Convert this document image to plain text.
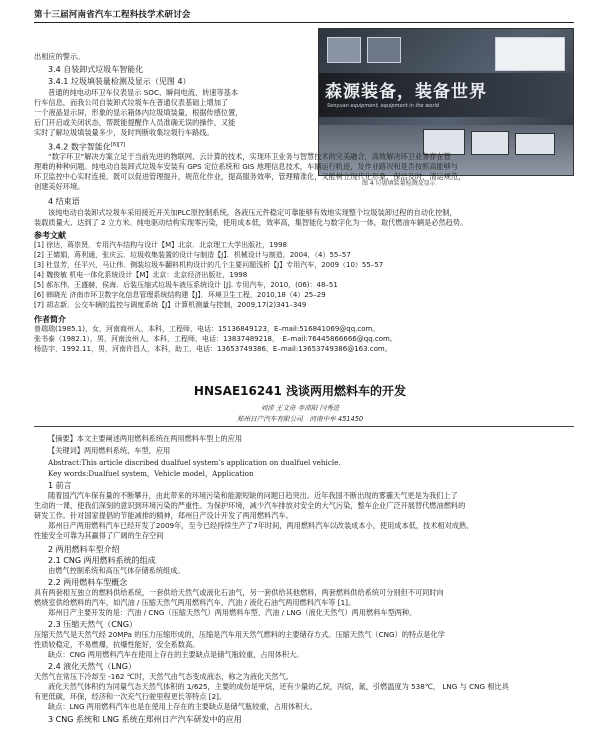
第十三届河南省汽车工程科技学术研讨会
出相应的警示。
3.4 自装卸式垃圾车智能化
3.4.1 垃圾填装量检测及显示（见图 4）
普通的纯电动环卫车仪表显示 SOC、瞬间电流、转速等基本
行车信息，而我公司自装卸式垃圾车在普通仪表基础上增加了
一个液晶显示屏，形象的显示箱体内垃圾填装量，根据传感位置，
后门开启或关闭状态，帮既能提醒作人员准确无误的操作，又能
实时了解垃圾填装量多少，及时判断收集垃圾行车路线。
3.4.2 数字智能化[6][7]
森源装备，装备世界
Senyuan equipment, equipment in the world
图 4 垃圾填装量检测及显示
“数字环卫”解决方案立足于当前先进的物联网、云计算的技术，实现环卫业务与智慧技术的完美融合，高效解决环卫业务存在管
理难的种种问题。纯电动自装卸式垃圾车安装有 GPS 定位系统和 GIS 地理信息技术，车辆运行轨迹，及作业路况和是否按照高能够与
环卫监控中心实时连接。既可以促进管理提升，规范化作业，提高服务效率，管理精准化，又能树立现代化形象，保洁及时，清运规范，
创建美好环境。
4 结束语
该纯电动自装卸式垃圾车采用接近开关加PLC原控制系统，各液压元件稳定可靠能够有效地实现整个垃圾装卸过程的自动化控制，
装载质量大、达到了 2 立方米。纯电驱动结构实现零污染，使用成本低，效率高，集智能化与数字化为一体，取代燃油车辆是必然趋势。
参考文献
[1] 徐达，蒋崇贤．专用汽车结构与设计【M】北京．北京理工大学出版社，1998
[2] 王婧娟，蒋利通，张庆云．垃圾收集装置的设计与制造【J】．机械设计与制造，2004，（4）55–57
[3] 杜显芳，任平兴，马让伟．侧装垃圾车翻料机构设计的几个主要问题浅析【J】专用汽车，2009（10）55–57
[4] 魏俊敏 机电一体化系统设计【M】北京：北京经济出版社，1998
[5] 郝东伟，王盛赫，侯海．后装压缩式垃圾车液压系统设计 [J]. 专用汽车，2010，(06)：48–51
[6] 韩晓光 济南市环卫数字化信息管理系统结构建【J】．环境卫生工程，2010,18（4）25–29
[7] 胡志新．公交车辆的监控与调度系统【J】计算机测量与控制，2009,17(2)341–349
作者简介
曾瑞瑞(1985.1)，女，河南商州人，本科，工程师，电话：15136849123，E–mail:516841069@qq.com。
张书泰（1982.1），男，河南汝州人，本科，工程师，电话：13837489218，　E–mail:76445866666@qq.com。
杨浩宇，1992.11，男，河南许昌人，本科，助工，电话：13653749386，E–mail:13653749386@163.com。
HNSAE16241 浅谈两用燃料车的开发
刘沛 王文奇 李沛阳 闫秀进
郑州日产汽车有限公司　河南中牟 451450
【摘要】本文主要阐述两用燃料系统在两用燃料车型上的应用
【关键词】两用燃料系统，车型，应用
Abstract:This article discribed dualfuel system’s application on dualfuel vehicle.
Key words:Dualfuel system，Vehicle model，Application
1 前言
随着国汽汽车保有量的不断攀升，由此带来的环境污染和能源短缺的问题日趋突出。近年我国不断出现的雾霾天气更是为我们上了
生动的一课，使我们深刻的意识到环境污染的严重性。为保护环境，减少汽车排放对安全的大气污染，整车企业广泛开展替代燃油燃料的
研发工作。针对国家提倡的节能减排的精神，郑州日产设计开发了两用燃料汽车。
郑州日产两用燃料汽车已经开发了2009年，至今已经持续生产了7年时间，两用燃料汽车以改装成本小，使用成本低，技术相对成熟、
性能安全可靠为其赢得了广阔的生存空间
2 两用燃料车型介绍
2.1 CNG 两用燃料系统的组成
由燃气控制系统和高压气体存储系统组成。
2.2 两用燃料车型概念
具有两套相互独立的燃料供给系统，一套供给天然气或液化石油气，另一套供给其他燃料，两套燃料供给系统可分别但不可同时向
燃烧室供给燃料的汽车，如汽油 / 压缩天然气两用燃料汽车、汽油 / 液化石油气两用燃料汽车等 [1]。
郑州日产主要开发的是：汽油 / CNG（压缩天然气）两用燃料车型、汽油 / LNG（液化天然气）两用燃料车型两种。
2.3 压缩天然气（CNG）
压缩天然气是天然气经 20MPa 的压力压缩形成的，压缩是汽车用天然气燃料的主要储存方式。压缩天然气（CNG）的特点是化学
性质较稳定，不易燃爆，抗爆性能好，安全系数高。
缺点：CNG 两用燃料汽车在使用上存在的主要缺点是储气瓶较重，占用体积大。
2.4 液化天然气（LNG）
天然气在常压下冷却至 -162 ℃时，天然气由气态变成液态，称之为液化天然气。
液化天然气体积约为同量气态天然气体积的 1/625，主要的成份是甲烷，还有少量的乙烷，丙烷，氮，引燃温度为 538℃， LNG 与 CNG 相比具
有更低碳，环保，经济和一次充气行驶里程更长等特点 [2]。
缺点：LNG 两用燃料汽车也是在使用上存在的主要缺点是储气瓶较重，占用体积大。
3 CNG 系统和 LNG 系统在郑州日产汽车研发中的应用
